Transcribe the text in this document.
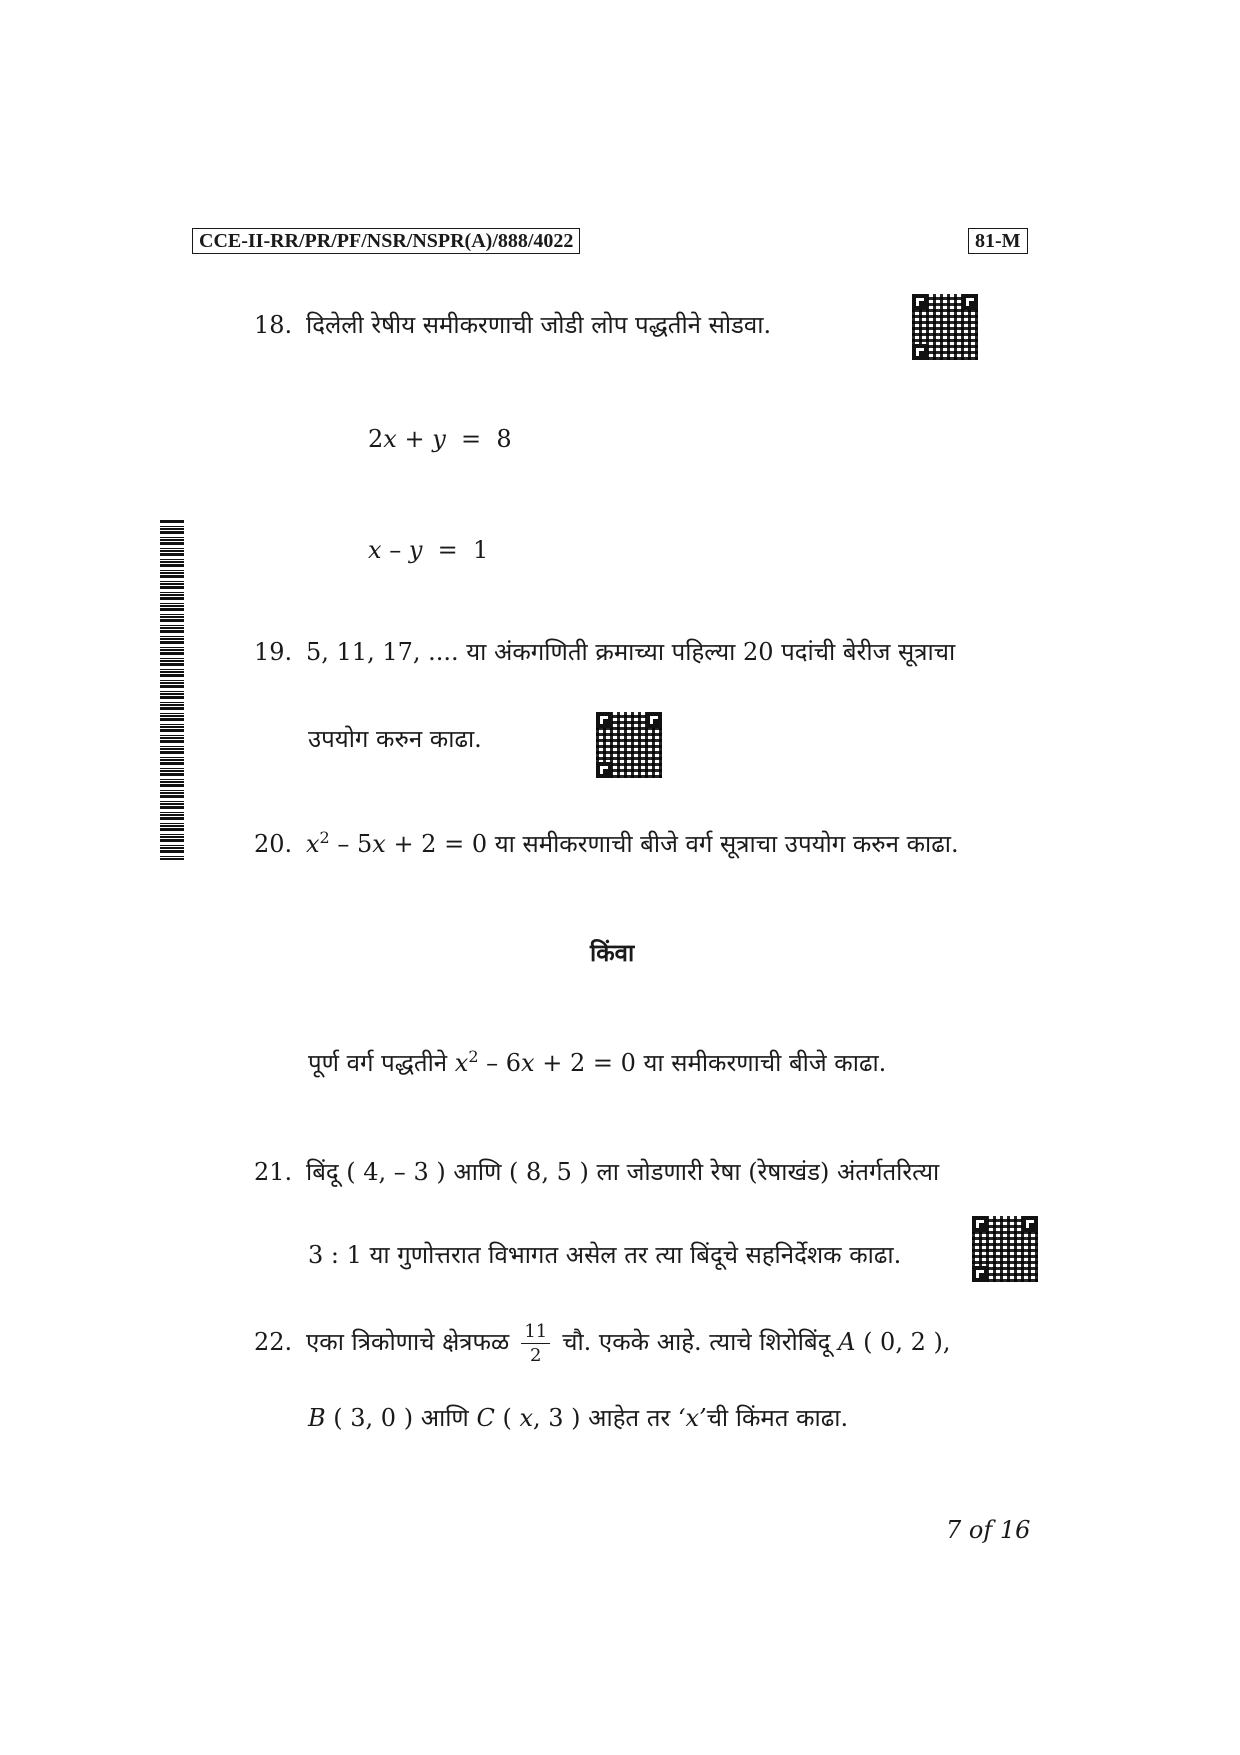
CCE-II-RR/PR/PF/NSR/NSPR(A)/888/4022	81-M
18. दिलेली रेषीय समीकरणाची जोडी लोप पद्धतीने सोडवा.
2x + y = 8
x – y = 1
19. 5, 11, 17, .... या अंकगणिती क्रमाच्या पहिल्या 20 पदांची बेरीज सूत्राचा
उपयोग करुन काढा.
20. $x^2 - 5x + 2 = 0$ या समीकरणाची बीजे वर्ग सूत्राचा उपयोग करुन काढा.
किंवा
पूर्ण वर्ग पद्धतीने $x^2 - 6x + 2 = 0$ या समीकरणाची बीजे काढा.
21. बिंदू ( 4, – 3 ) आणि ( 8, 5 ) ला जोडणारी रेषा (रेषाखंड) अंतर्गतरित्या
3 : 1 या गुणोत्तरात विभागत असेल तर त्या बिंदूचे सहनिर्देशक काढा.
22. एका त्रिकोणाचे क्षेत्रफळ $\frac{11}{2}$ चौ. एकके आहे. त्याचे शिरोबिंदू A ( 0, 2 ),
B ( 3, 0 ) आणि C ( x, 3 ) आहेत तर ‘x’ची किंमत काढा.
7 of 16
